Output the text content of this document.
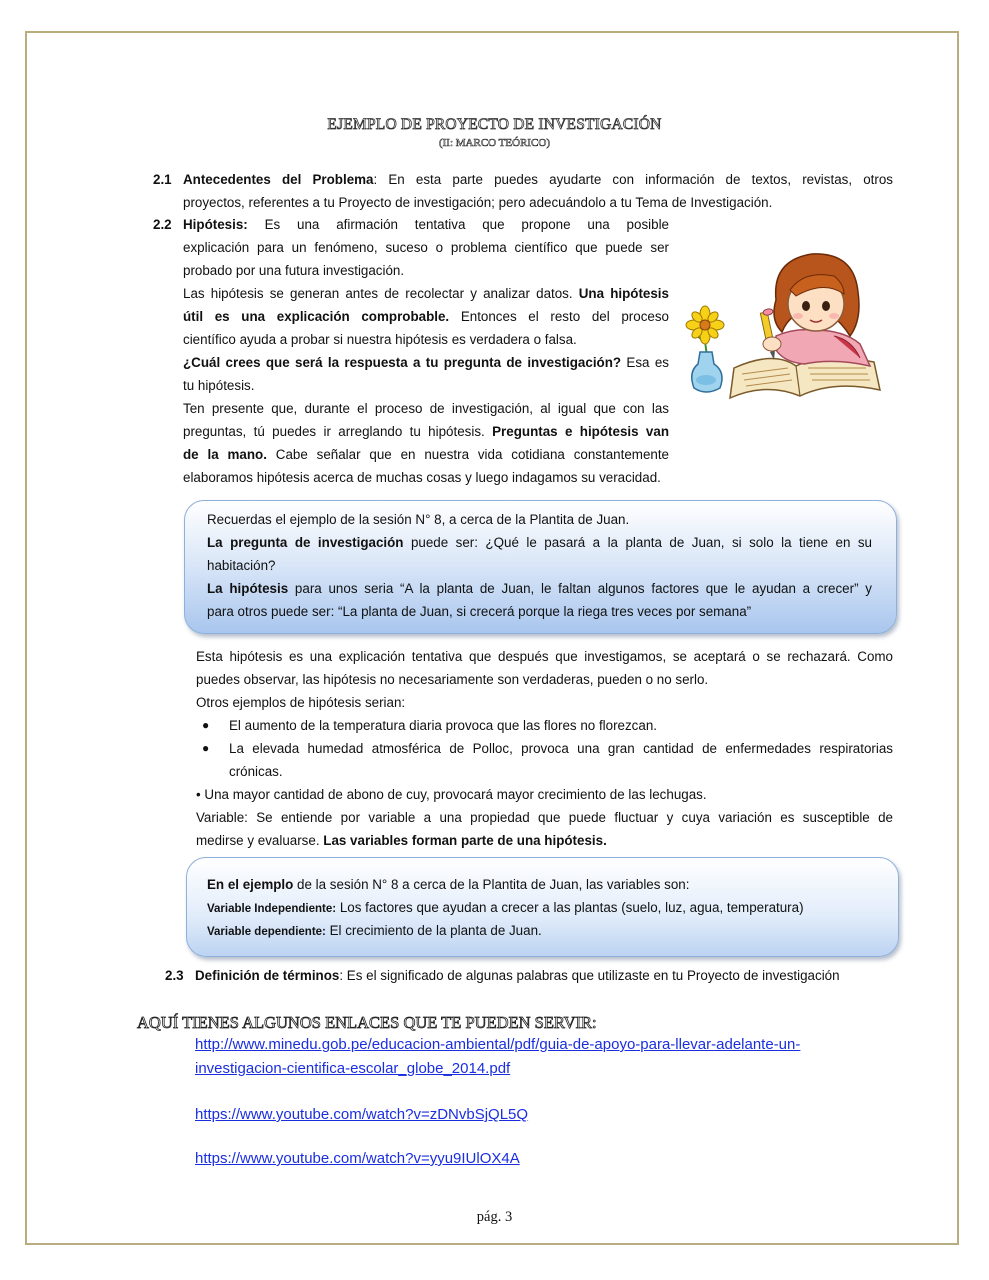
EJEMPLO DE PROYECTO DE INVESTIGACIÓN
(II: MARCO TEÓRICO)
2.1 Antecedentes del Problema: En esta parte puedes ayudarte con información de textos, revistas, otros
proyectos, referentes a tu Proyecto de investigación; pero adecuándolo a tu Tema de Investigación.
2.2 Hipótesis: Es una afirmación tentativa que propone una posible
explicación para un fenómeno, suceso o problema científico que puede ser
probado por una futura investigación.
Las hipótesis se generan antes de recolectar y analizar datos. Una hipótesis
útil es una explicación comprobable. Entonces el resto del proceso
científico ayuda a probar si nuestra hipótesis es verdadera o falsa.
¿Cuál crees que será la respuesta a tu pregunta de investigación? Esa es
tu hipótesis.
Ten presente que, durante el proceso de investigación, al igual que con las
preguntas, tú puedes ir arreglando tu hipótesis. Preguntas e hipótesis van
de la mano. Cabe señalar que en nuestra vida cotidiana constantemente
elaboramos hipótesis acerca de muchas cosas y luego indagamos su veracidad.
Recuerdas el ejemplo de la sesión N° 8, a cerca de la Plantita de Juan.
La pregunta de investigación puede ser: ¿Qué le pasará a la planta de Juan, si solo la tiene en su
habitación?
La hipótesis para unos seria “A la planta de Juan, le faltan algunos factores que le ayudan a crecer” y
para otros puede ser: “La planta de Juan, si crecerá porque la riega tres veces por semana”
Esta hipótesis es una explicación tentativa que después que investigamos, se aceptará o se rechazará. Como
puedes observar, las hipótesis no necesariamente son verdaderas, pueden o no serlo.
Otros ejemplos de hipótesis serian:
● El aumento de la temperatura diaria provoca que las flores no florezcan.
● La elevada humedad atmosférica de Polloc, provoca una gran cantidad de enfermedades respiratorias
crónicas.
• Una mayor cantidad de abono de cuy, provocará mayor crecimiento de las lechugas.
Variable: Se entiende por variable a una propiedad que puede fluctuar y cuya variación es susceptible de
medirse y evaluarse. Las variables forman parte de una hipótesis.
En el ejemplo de la sesión N° 8 a cerca de la Plantita de Juan, las variables son:
Variable Independiente: Los factores que ayudan a crecer a las plantas (suelo, luz, agua, temperatura)
Variable dependiente: El crecimiento de la planta de Juan.
2.3 Definición de términos: Es el significado de algunas palabras que utilizaste en tu Proyecto de investigación
AQUÍ TIENES ALGUNOS ENLACES QUE TE PUEDEN SERVIR:
http://www.minedu.gob.pe/educacion-ambiental/pdf/guia-de-apoyo-para-llevar-adelante-un-
investigacion-cientifica-escolar_globe_2014.pdf
https://www.youtube.com/watch?v=zDNvbSjQL5Q
https://www.youtube.com/watch?v=yyu9IUlOX4A
pág. 3
